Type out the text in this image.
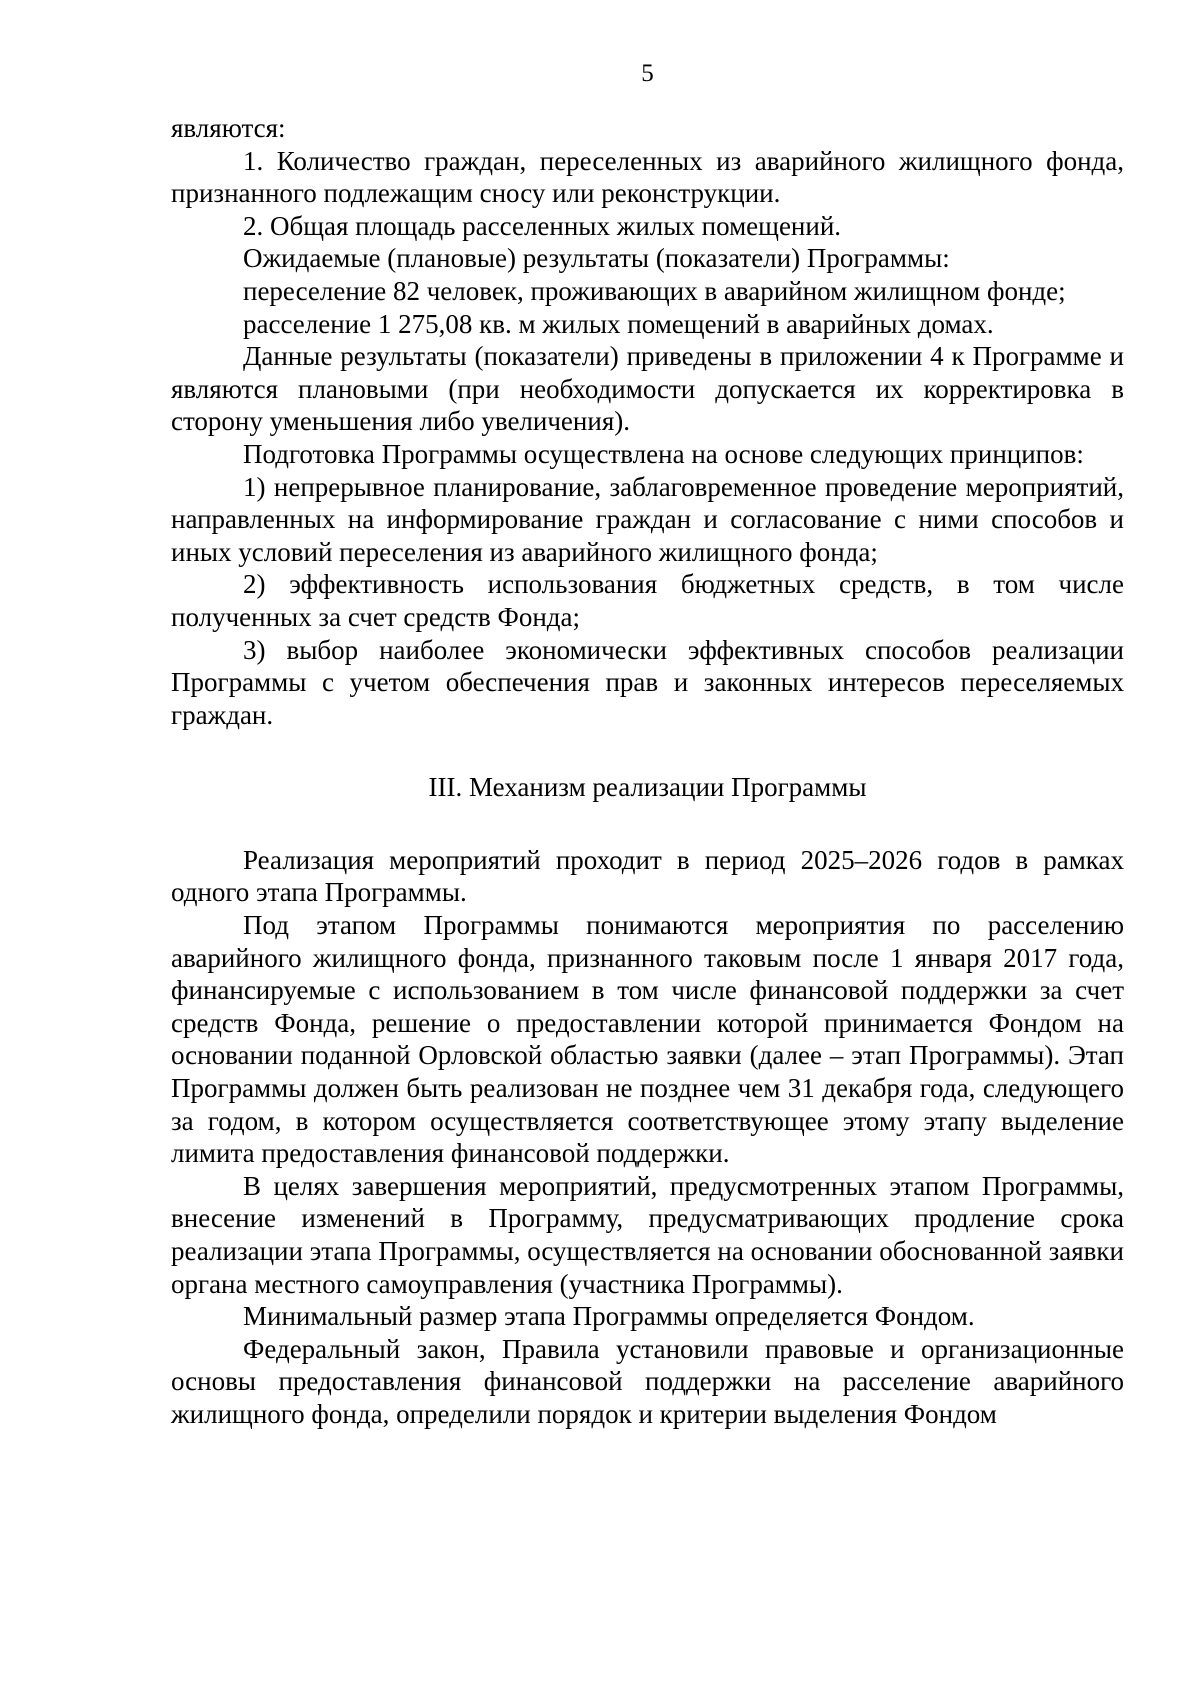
5

являются:

1. Количество граждан, переселенных из аварийного жилищного фонда, признанного подлежащим сносу или реконструкции.

2. Общая площадь расселенных жилых помещений.

Ожидаемые (плановые) результаты (показатели) Программы:

переселение 82 человек, проживающих в аварийном жилищном фонде;

расселение 1 275,08 кв. м жилых помещений в аварийных домах.

Данные результаты (показатели) приведены в приложении 4 к Программе и являются плановыми (при необходимости допускается их корректировка в сторону уменьшения либо увеличения).

Подготовка Программы осуществлена на основе следующих принципов:

1) непрерывное планирование, заблаговременное проведение мероприятий, направленных на информирование граждан и согласование с ними способов и иных условий переселения из аварийного жилищного фонда;

2) эффективность использования бюджетных средств, в том числе полученных за счет средств Фонда;

3) выбор наиболее экономически эффективных способов реализации Программы с учетом обеспечения прав и законных интересов переселяемых граждан.

III. Механизм реализации Программы

Реализация мероприятий проходит в период 2025–2026 годов в рамках одного этапа Программы.

Под этапом Программы понимаются мероприятия по расселению аварийного жилищного фонда, признанного таковым после 1 января 2017 года, финансируемые с использованием в том числе финансовой поддержки за счет средств Фонда, решение о предоставлении которой принимается Фондом на основании поданной Орловской областью заявки (далее – этап Программы). Этап Программы должен быть реализован не позднее чем 31 декабря года, следующего за годом, в котором осуществляется соответствующее этому этапу выделение лимита предоставления финансовой поддержки.

В целях завершения мероприятий, предусмотренных этапом Программы, внесение изменений в Программу, предусматривающих продление срока реализации этапа Программы, осуществляется на основании обоснованной заявки органа местного самоуправления (участника Программы).

Минимальный размер этапа Программы определяется Фондом.

Федеральный закон, Правила установили правовые и организационные основы предоставления финансовой поддержки на расселение аварийного жилищного фонда, определили порядок и критерии выделения Фондом
